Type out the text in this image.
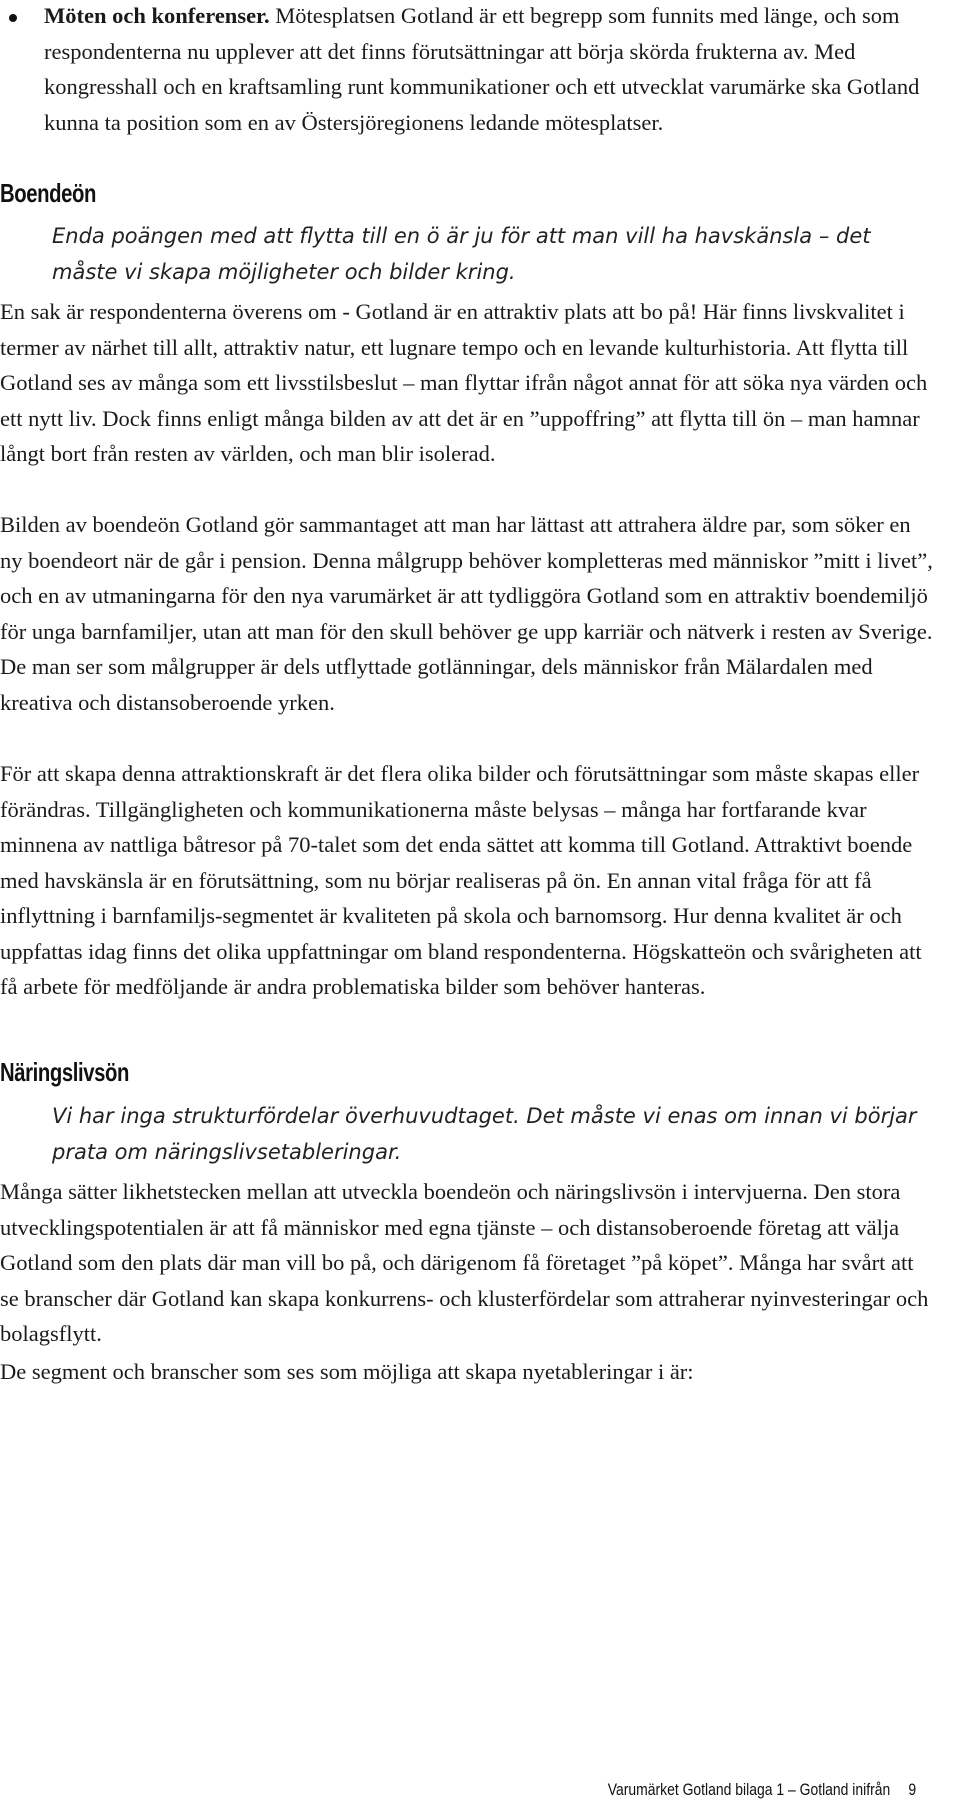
Möten och konferenser. Mötesplatsen Gotland är ett begrepp som funnits med länge, och som respondenterna nu upplever att det finns förutsättningar att börja skörda frukterna av. Med kongresshall och en kraftsamling runt kommunikationer och ett utvecklat varumärke ska Gotland kunna ta position som en av Östersjöregionens ledande mötesplatser.
Boendeön
Enda poängen med att flytta till en ö är ju för att man vill ha havskänsla – det måste vi skapa möjligheter och bilder kring.

En sak är respondenterna överens om - Gotland är en attraktiv plats att bo på! Här finns livskvalitet i termer av närhet till allt, attraktiv natur, ett lugnare tempo och en levande kulturhistoria. Att flytta till Gotland ses av många som ett livsstilsbeslut – man flyttar ifrån något annat för att söka nya värden och ett nytt liv. Dock finns enligt många bilden av att det är en ”uppoffring” att flytta till ön – man hamnar långt bort från resten av världen, och man blir isolerad.

Bilden av boendeön Gotland gör sammantaget att man har lättast att attrahera äldre par, som söker en ny boendeort när de går i pension. Denna målgrupp behöver kompletteras med människor ”mitt i livet”, och en av utmaningarna för den nya varumärket är att tydliggöra Gotland som en attraktiv boendemiljö för unga barnfamiljer, utan att man för den skull behöver ge upp karriär och nätverk i resten av Sverige. De man ser som målgrupper är dels utflyttade gotlänningar, dels människor från Mälardalen med kreativa och distansoberoende yrken.

För att skapa denna attraktionskraft är det flera olika bilder och förutsättningar som måste skapas eller förändras. Tillgängligheten och kommunikationerna måste belysas – många har fortfarande kvar minnena av nattliga båtresor på 70-talet som det enda sättet att komma till Gotland. Attraktivt boende med havskänsla är en förutsättning, som nu börjar realiseras på ön. En annan vital fråga för att få inflyttning i barnfamiljs-segmentet är kvaliteten på skola och barnomsorg. Hur denna kvalitet är och uppfattas idag finns det olika uppfattningar om bland respondenterna. Högskatteön och svårigheten att få arbete för medföljande är andra problematiska bilder som behöver hanteras.

Näringslivsön
Vi har inga strukturfördelar överhuvudtaget. Det måste vi enas om innan vi börjar prata om näringslivsetableringar.

Många sätter likhetstecken mellan att utveckla boendeön och näringslivsön i intervjuerna. Den stora utvecklingspotentialen är att få människor med egna tjänste – och distansoberoende företag att välja Gotland som den plats där man vill bo på, och därigenom få företaget ”på köpet”. Många har svårt att se branscher där Gotland kan skapa konkurrens- och klusterfördelar som attraherar nyinvesteringar och bolagsflytt.

De segment och branscher som ses som möjliga att skapa nyetableringar i är:

Varumärket Gotland bilaga 1 – Gotland inifrån 9
